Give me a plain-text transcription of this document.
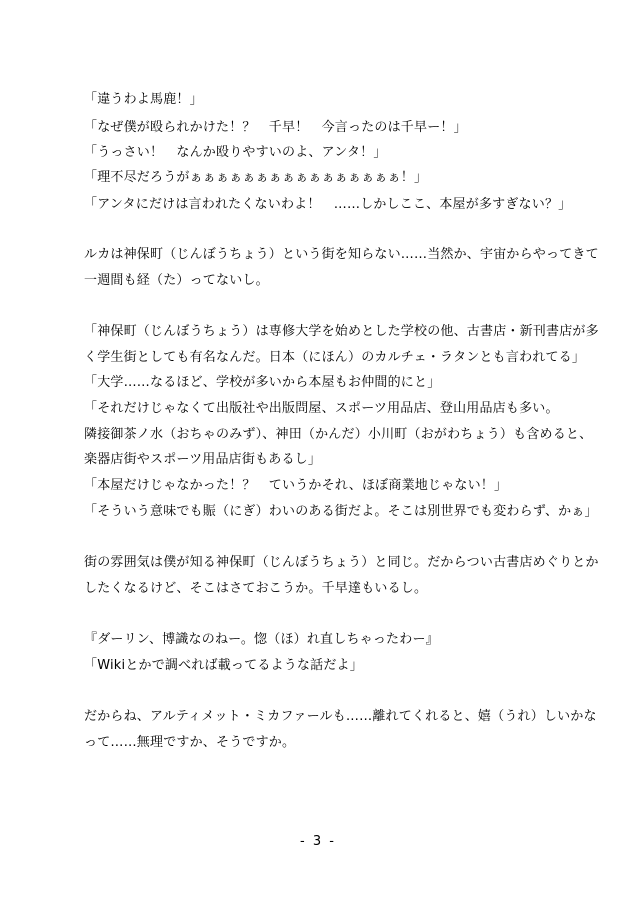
「違うわよ馬鹿！」
「なぜ僕が殴られかけた！？　千早！　今言ったのは千早ー！」
「うっさい！　なんか殴りやすいのよ、アンタ！」
「理不尽だろうがぁぁぁぁぁぁぁぁぁぁぁぁぁぁぁぁ！」
「アンタにだけは言われたくないわよ！　……しかしここ、本屋が多すぎない？」
ルカは神保町（じんぼうちょう）という街を知らない……当然か、宇宙からやってきて
一週間も経（た）ってないし。
「神保町（じんぼうちょう）は専修大学を始めとした学校の他、古書店・新刊書店が多
く学生街としても有名なんだ。日本（にほん）のカルチェ・ラタンとも言われてる」
「大学……なるほど、学校が多いから本屋もお仲間的にと」
「それだけじゃなくて出版社や出版問屋、スポーツ用品店、登山用品店も多い。
隣接御茶ノ水（おちゃのみず）、神田（かんだ）小川町（おがわちょう）も含めると、
楽器店街やスポーツ用品店街もあるし」
「本屋だけじゃなかった！？　ていうかそれ、ほぼ商業地じゃない！」
「そういう意味でも賑（にぎ）わいのある街だよ。そこは別世界でも変わらず、かぁ」
街の雰囲気は僕が知る神保町（じんぼうちょう）と同じ。だからつい古書店めぐりとか
したくなるけど、そこはさておこうか。千早達もいるし。
『ダーリン、博識なのねー。惚（ほ）れ直しちゃったわー』
「Wikiとかで調べれば載ってるような話だよ」
だからね、アルティメット・ミカファールも……離れてくれると、嬉（うれ）しいかな
って……無理ですか、そうですか。
- 3 -
